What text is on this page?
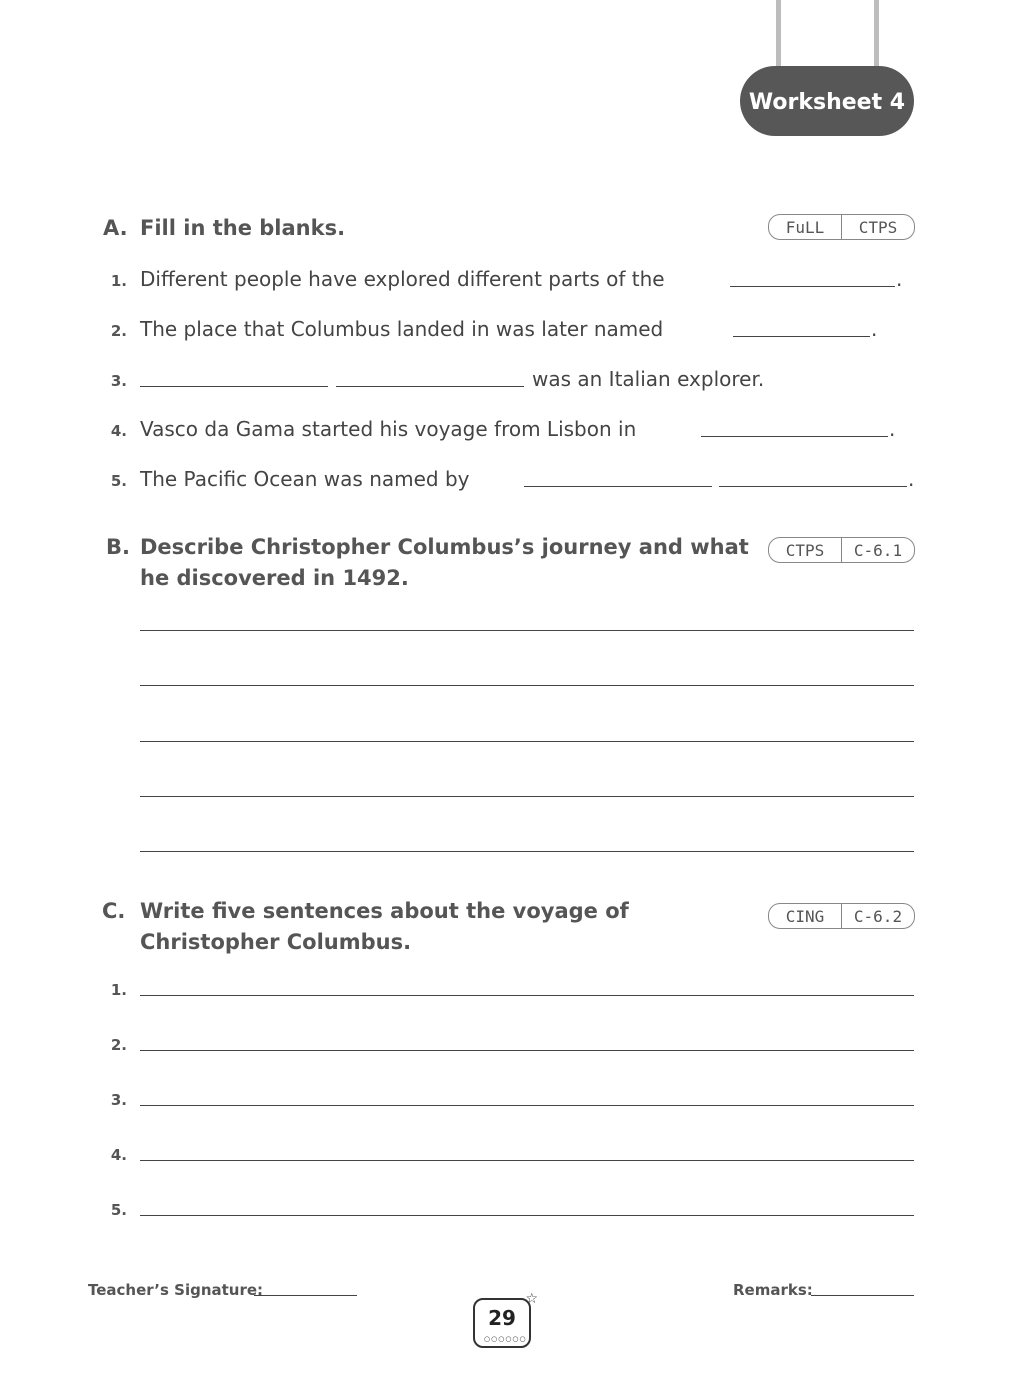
Worksheet 4
A. Fill in the blanks.	FuLL	CTPS
1. Different people have explored different parts of the	.
2. The place that Columbus landed in was later named	.
3.	was an Italian explorer.
4. Vasco da Gama started his voyage from Lisbon in	.
5. The Pacific Ocean was named by	.
B. Describe Christopher Columbus’s journey and what
he discovered in 1492.
CTPS	C-6.1
C. Write five sentences about the voyage of
Christopher Columbus.
CING	C-6.2
1.
2.
3.
4.
5.
Teacher’s Signature:	Remarks:
29
○○○○○○
☆
